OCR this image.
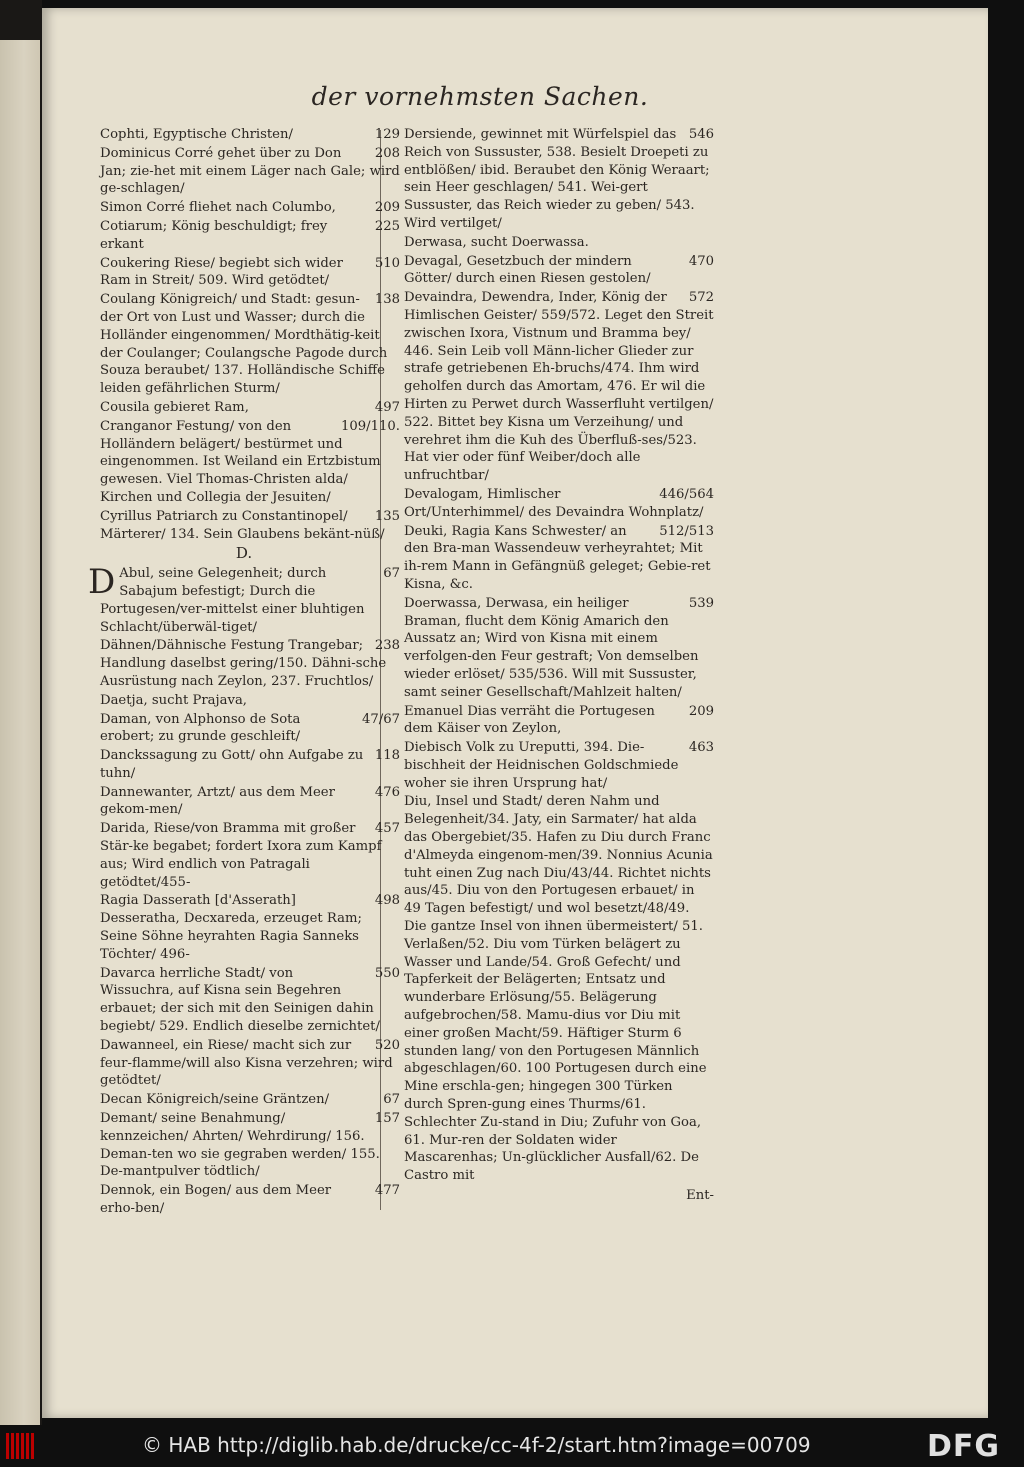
der vornehmsten Sachen.
129
Cophti, Egyptische Christen/
208
Dominicus Corré gehet über zu Don Jan; zie-het mit einem Läger nach Gale; wird ge-schlagen/
209
Simon Corré fliehet nach Columbo,
225
Cotiarum; König beschuldigt; frey erkant
510
Coukering Riese/ begiebt sich wider Ram in Streit/ 509. Wird getödtet/
138
Coulang Königreich/ und Stadt: gesun-der Ort von Lust und Wasser; durch die Holländer eingenommen/ Mordthätig-keit der Coulanger; Coulangsche Pagode durch Souza beraubet/ 137. Holländische Schiffe leiden gefährlichen Sturm/
497
Cousila gebieret Ram,
109/110.
Cranganor Festung/ von den Holländern belägert/ bestürmet und eingenommen. Ist Weiland ein Ertzbistum gewesen. Viel Thomas-Christen alda/ Kirchen und Collegia der Jesuiten/
135
Cyrillus Patriarch zu Constantinopel/ Märterer/ 134. Sein Glaubens bekänt-nüß/
D.
D	67
Abul, seine Gelegenheit; durch Sabajum befestigt; Durch die Portugesen/ver-mittelst einer bluhtigen Schlacht/überwäl-tiget/
238
Dähnen/Dähnische Festung Trangebar; Handlung daselbst gering/150. Dähni-sche Ausrüstung nach Zeylon, 237. Fruchtlos/
Daetja, sucht Prajava,
47/67
Daman, von Alphonso de Sota erobert; zu grunde geschleift/
118
Danckssagung zu Gott/ ohn Aufgabe zu tuhn/
476
Dannewanter, Artzt/ aus dem Meer gekom-men/
457
Darida, Riese/von Bramma mit großer Stär-ke begabet; fordert Ixora zum Kampf aus; Wird endlich von Patragali getödtet/455-
498
Ragia Dasserath [d'Asserath] Desseratha, Decxareda, erzeuget Ram; Seine Söhne heyrahten Ragia Sanneks Töchter/ 496-
550
Davarca herrliche Stadt/ von Wissuchra, auf Kisna sein Begehren erbauet; der sich mit den Seinigen dahin begiebt/ 529. Endlich dieselbe zernichtet/
520
Dawanneel, ein Riese/ macht sich zur feur-flamme/will also Kisna verzehren; wird getödtet/
67
Decan Königreich/seine Gräntzen/
157
Demant/ seine Benahmung/ kennzeichen/ Ahrten/ Wehrdirung/ 156. Deman-ten wo sie gegraben werden/ 155. De-mantpulver tödtlich/
477
Dennok, ein Bogen/ aus dem Meer erho-ben/
546
Dersiende, gewinnet mit Würfelspiel das Reich von Sussuster, 538. Besielt Droepeti zu entblößen/ ibid. Beraubet den König Weraart; sein Heer geschlagen/ 541. Wei-gert Sussuster, das Reich wieder zu geben/ 543. Wird vertilget/
Derwasa, sucht Doerwassa.
470
Devagal, Gesetzbuch der mindern Götter/ durch einen Riesen gestolen/
572
Devaindra, Dewendra, Inder, König der Himlischen Geister/ 559/572. Leget den Streit zwischen Ixora, Vistnum und Bramma bey/ 446. Sein Leib voll Männ-licher Glieder zur strafe getriebenen Eh-bruchs/474. Ihm wird geholfen durch das Amortam, 476. Er wil die Hirten zu Perwet durch Wasserfluht vertilgen/ 522. Bittet bey Kisna um Verzeihung/ und verehret ihm die Kuh des Überfluß-ses/523. Hat vier oder fünf Weiber/doch alle unfruchtbar/
446/564
Devalogam, Himlischer Ort/Unterhimmel/ des Devaindra Wohnplatz/
512/513
Deuki, Ragia Kans Schwester/ an den Bra-man Wassendeuw verheyrahtet; Mit ih-rem Mann in Gefängnüß geleget; Gebie-ret Kisna, &c.
539
Doerwassa, Derwasa, ein heiliger Braman, flucht dem König Amarich den Aussatz an; Wird von Kisna mit einem verfolgen-den Feur gestraft; Von demselben wieder erlöset/ 535/536. Will mit Sussuster, samt seiner Gesellschaft/Mahlzeit halten/
209
Emanuel Dias verräht die Portugesen dem Käiser von Zeylon,
463
Diebisch Volk zu Ureputti, 394. Die-bischheit der Heidnischen Goldschmiede woher sie ihren Ursprung hat/
Diu, Insel und Stadt/ deren Nahm und Belegenheit/34. Jaty, ein Sarmater/ hat alda das Obergebiet/35. Hafen zu Diu durch Franc d'Almeyda eingenom-men/39. Nonnius Acunia tuht einen Zug nach Diu/43/44. Richtet nichts aus/45. Diu von den Portugesen erbauet/ in 49 Tagen befestigt/ und wol besetzt/48/49. Die gantze Insel von ihnen übermeistert/ 51. Verlaßen/52. Diu vom Türken belägert zu Wasser und Lande/54. Groß Gefecht/ und Tapferkeit der Belägerten; Entsatz und wunderbare Erlösung/55. Belägerung aufgebrochen/58. Mamu-dius vor Diu mit einer großen Macht/59. Häftiger Sturm 6 stunden lang/ von den Portugesen Männlich abgeschlagen/60. 100 Portugesen durch eine Mine erschla-gen; hingegen 300 Türken durch Spren-gung eines Thurms/61. Schlechter Zu-stand in Diu; Zufuhr von Goa, 61. Mur-ren der Soldaten wider Mascarenhas; Un-glücklicher Ausfall/62. De Castro mit
Ent-
© HAB http://diglib.hab.de/drucke/cc-4f-2/start.htm?image=00709	DFG
